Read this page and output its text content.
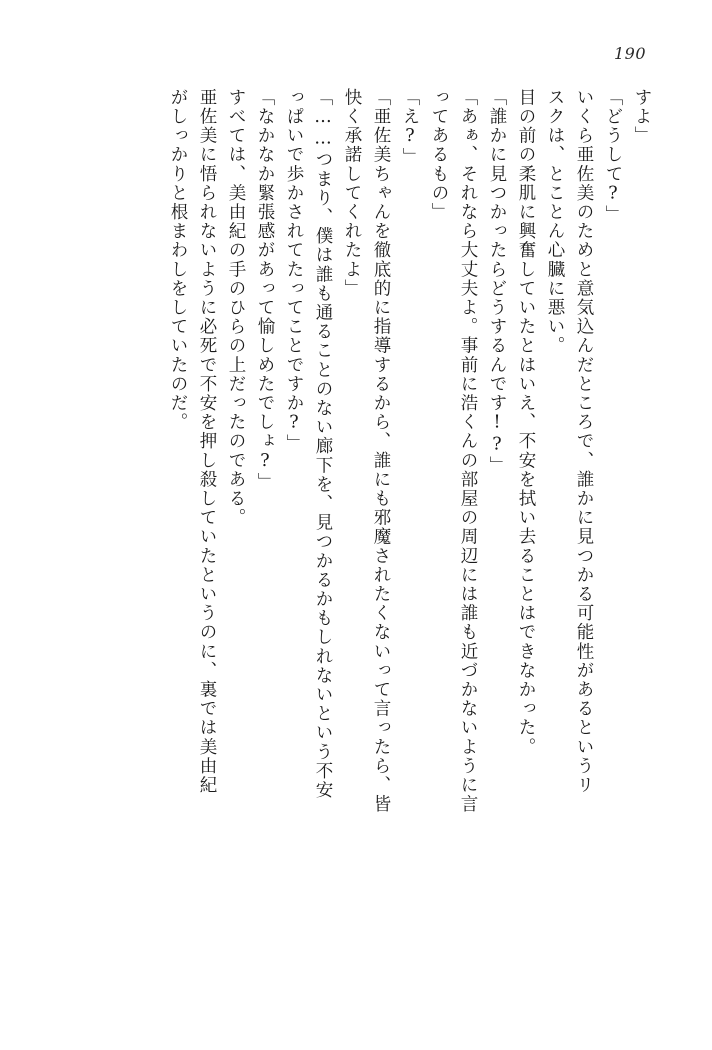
190
すよ」
「どうして?」
いくら亜佐美のためと意気込んだところで、誰かに見つかる可能性があるというリ
スクは、とことん心臓に悪い。
目の前の柔肌に興奮していたとはいえ、不安を拭い去ることはできなかった。
「誰かに見つかったらどうするんです!?」
「あぁ、それなら大丈夫よ。事前に浩くんの部屋の周辺には誰も近づかないように言
ってあるもの」
「え?」
「亜佐美ちゃんを徹底的に指導するから、誰にも邪魔されたくないって言ったら、皆
快く承諾してくれたよ」
「……つまり、僕は誰も通ることのない廊下を、見つかるかもしれないという不安
っぱいで歩かされてたってことですか?」
「なかなか緊張感があって愉しめたでしょ?」
すべては、美由紀の手のひらの上だったのである。
亜佐美に悟られないように必死で不安を押し殺していたというのに、裏では美由紀
がしっかりと根まわしをしていたのだ。
